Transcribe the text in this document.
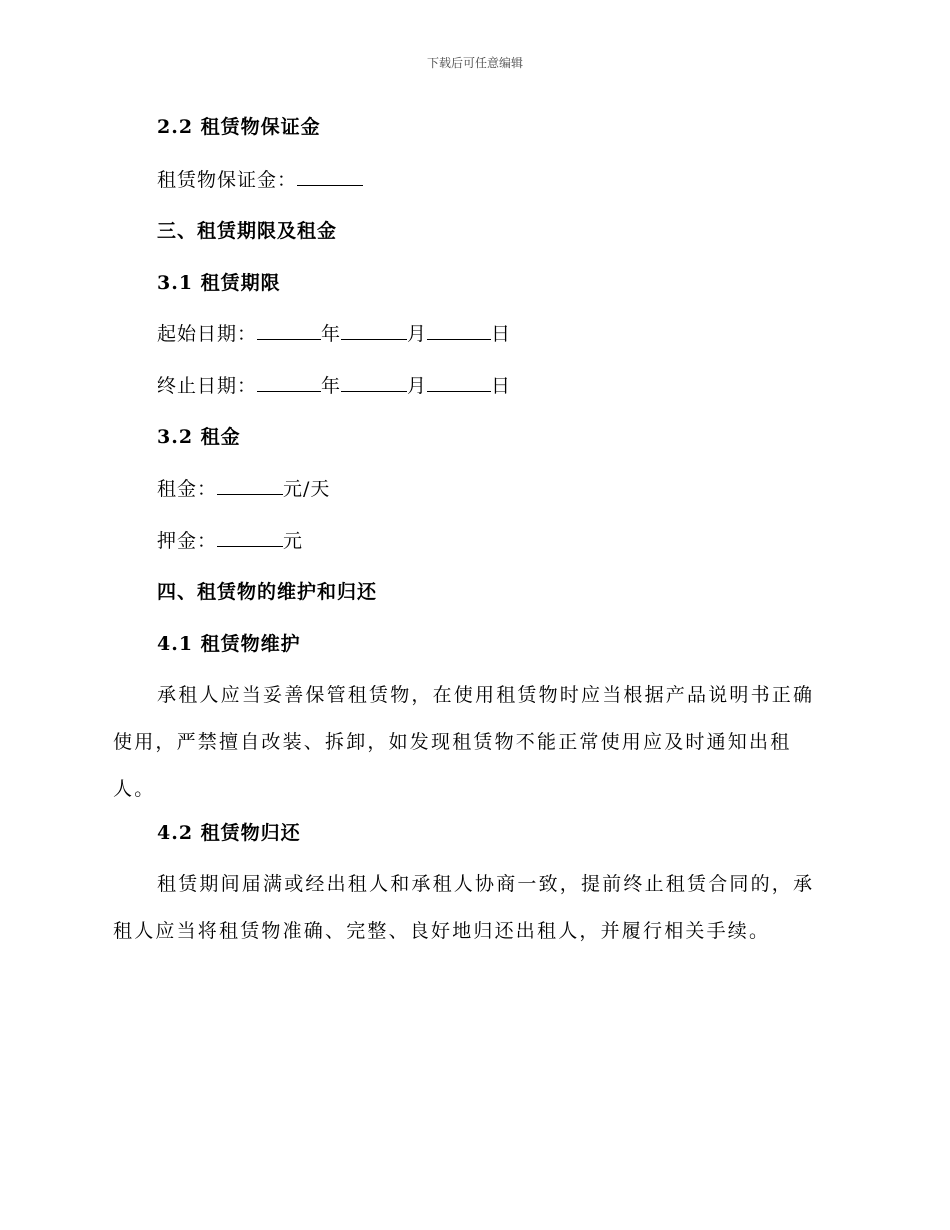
下载后可任意编辑
2.2 租赁物保证金
租赁物保证金：
三、租赁期限及租金
3.1 租赁期限
起始日期：	年	月	日
终止日期：	年	月	日
3.2 租金
租金：	元/天
押金：	元
四、租赁物的维护和归还
4.1 租赁物维护
承租人应当妥善保管租赁物，在使用租赁物时应当根据产品说明书正确使用，严禁擅自改装、拆卸，如发现租赁物不能正常使用应及时通知出租人。
4.2 租赁物归还
租赁期间届满或经出租人和承租人协商一致，提前终止租赁合同的，承租人应当将租赁物准确、完整、良好地归还出租人，并履行相关手续。
